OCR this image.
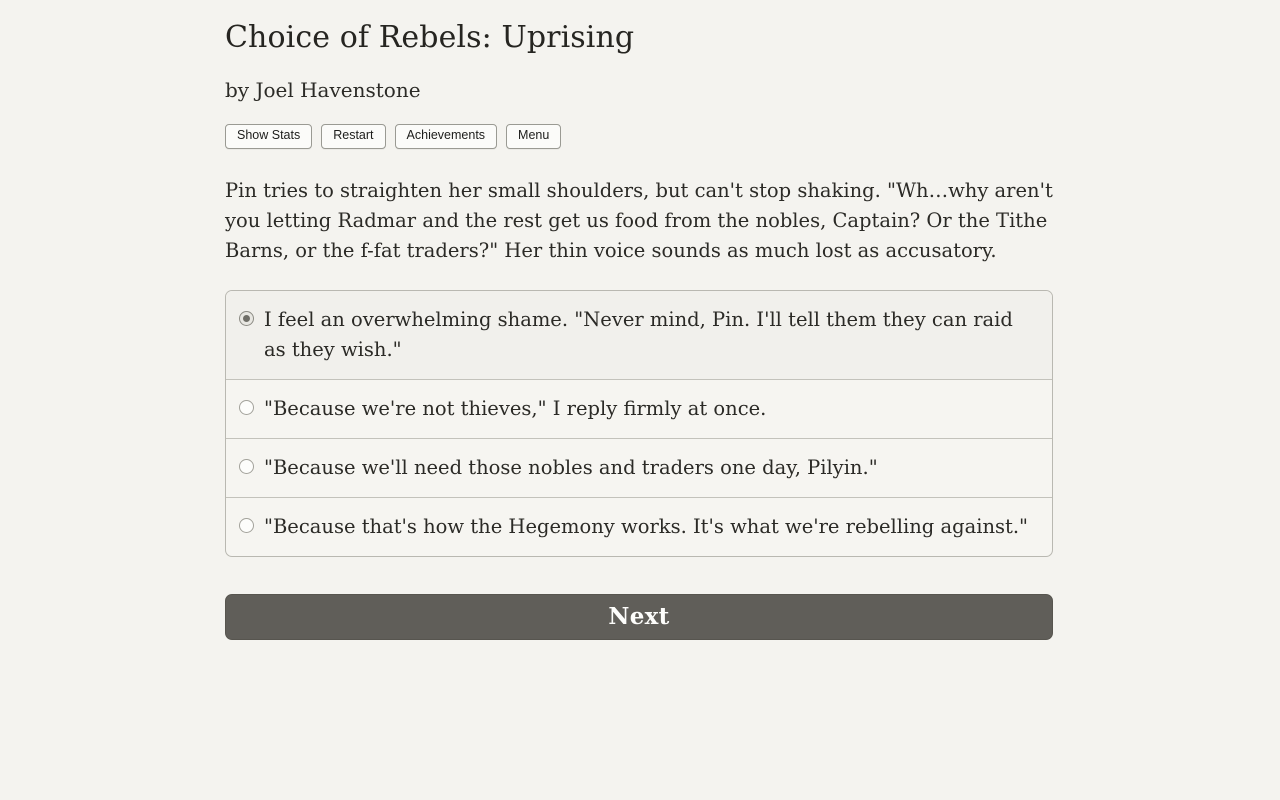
Choice of Rebels: Uprising
by Joel Havenstone
Show Stats	Restart	Achievements	Menu
Pin tries to straighten her small shoulders, but can't stop shaking. "Wh…why aren't you letting Radmar and the rest get us food from the nobles, Captain? Or the Tithe Barns, or the f-fat traders?" Her thin voice sounds as much lost as accusatory.
I feel an overwhelming shame. "Never mind, Pin. I'll tell them they can raid as they wish."
"Because we're not thieves," I reply firmly at once.
"Because we'll need those nobles and traders one day, Pilyin."
"Because that's how the Hegemony works. It's what we're rebelling against."
Next
